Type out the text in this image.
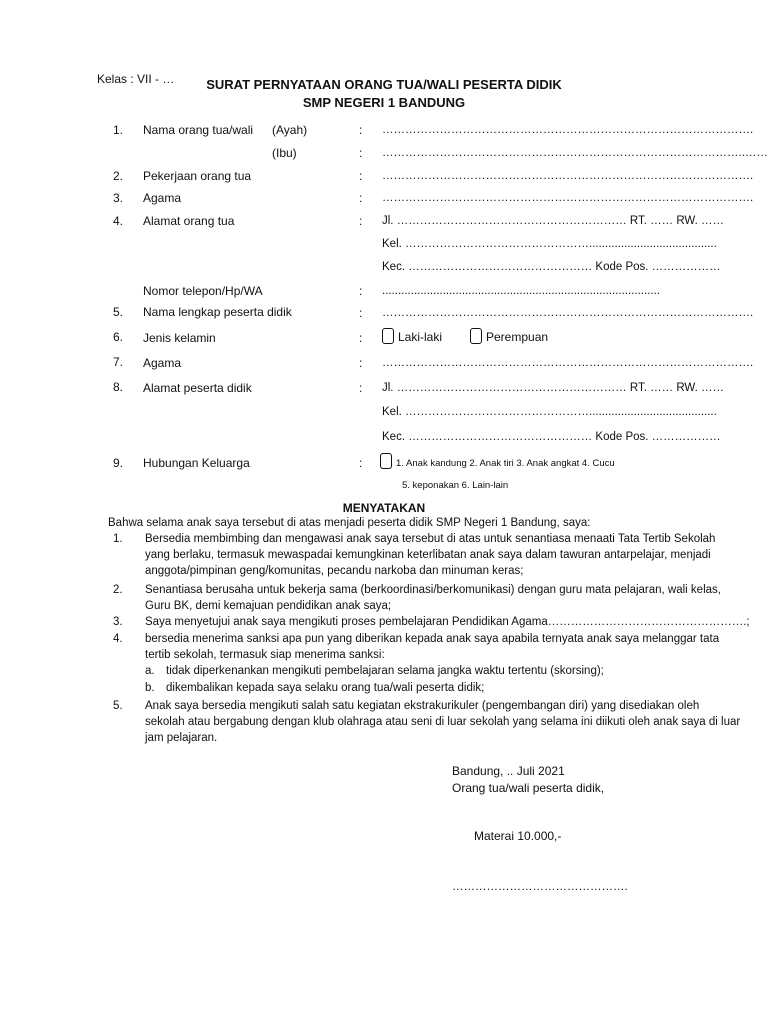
Kelas : VII - …	SURAT PERNYATAAN ORANG TUA/WALI PESERTA DIDIK
SMP NEGERI 1 BANDUNG
1. Nama orang tua/wali (Ayah)	: …………………………………………………………………………………….
(Ibu)	: …………………………………………………………………………………..……
2. Pekerjaan orang tua	: …………………………………………………………………………………….
3. Agama	: …………………………………………………………………………………….
4. Alamat orang tua	: Jl. …………………………………………………… RT. …… RW. ……
Kel. …………………………………………........................................
Kec. ………………………………………… Kode Pos. ………………
Nomor telepon/Hp/WA	: .......................................................................................
5. Nama lengkap peserta didik	: …………………………………………………………………………………….
6. Jenis kelamin	:	Laki-laki	Perempuan
7. Agama	: …………………………………………………………………………………….
8. Alamat peserta didik	: Jl. …………………………………………………… RT. …… RW. ……
Kel. …………………………………………........................................
Kec. ………………………………………… Kode Pos. ………………
9. Hubungan Keluarga	:	1. Anak kandung 2. Anak tiri 3. Anak angkat 4. Cucu
5. keponakan 6. Lain-lain
MENYATAKAN
Bahwa selama anak saya tersebut di atas menjadi peserta didik SMP Negeri 1 Bandung, saya:
1. Bersedia membimbing dan mengawasi anak saya tersebut di atas untuk senantiasa menaati Tata Tertib Sekolah
yang berlaku, termasuk mewaspadai kemungkinan keterlibatan anak saya dalam tawuran antarpelajar, menjadi
anggota/pimpinan geng/komunitas, pecandu narkoba dan minuman keras;
2. Senantiasa berusaha untuk bekerja sama (berkoordinasi/berkomunikasi) dengan guru mata pelajaran, wali kelas,
Guru BK, demi kemajuan pendidikan anak saya;
3. Saya menyetujui anak saya mengikuti proses pembelajaran Pendidikan Agama…………………………………………….;
4. bersedia menerima sanksi apa pun yang diberikan kepada anak saya apabila ternyata anak saya melanggar tata
tertib sekolah, termasuk siap menerima sanksi:
a. tidak diperkenankan mengikuti pembelajaran selama jangka waktu tertentu (skorsing);
b. dikembalikan kepada saya selaku orang tua/wali peserta didik;
5. Anak saya bersedia mengikuti salah satu kegiatan ekstrakurikuler (pengembangan diri) yang disediakan oleh
sekolah atau bergabung dengan klub olahraga atau seni di luar sekolah yang selama ini diikuti oleh anak saya di luar
jam pelajaran.
Bandung, .. Juli 2021
Orang tua/wali peserta didik,
Materai 10.000,-
……………………………………….
